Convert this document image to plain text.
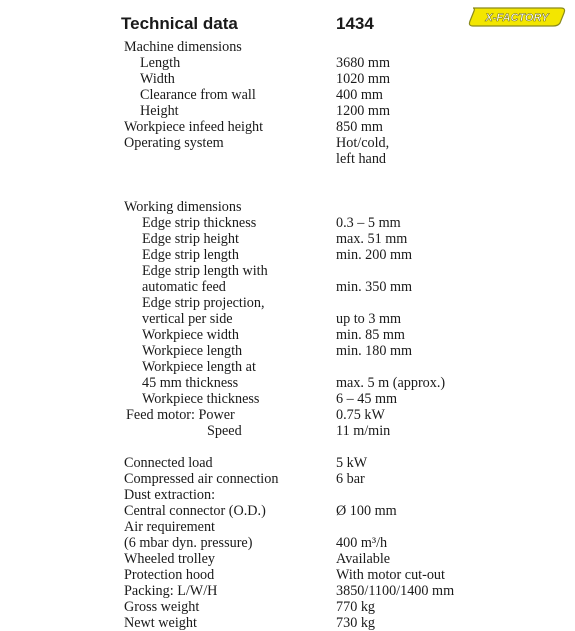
Technical data	1434	X-FACTORY
Machine dimensions
Length	3680 mm
Width	1020 mm
Clearance from wall	400 mm
Height	1200 mm
Workpiece infeed height	850 mm
Operating system	Hot/cold,
left hand
Working dimensions
Edge strip thickness	0.3 – 5 mm
Edge strip height	max. 51 mm
Edge strip length	min. 200 mm
Edge strip length with
automatic feed	min. 350 mm
Edge strip projection,
vertical per side	up to 3 mm
Workpiece width	min. 85 mm
Workpiece length	min. 180 mm
Workpiece length at
45 mm thickness	max. 5 m (approx.)
Workpiece thickness	6 – 45 mm
Feed motor: Power	0.75 kW
Speed	11 m/min
Connected load	5 kW
Compressed air connection	6 bar
Dust extraction:
Central connector (O.D.)	Ø 100 mm
Air requirement
(6 mbar dyn. pressure)	400 m³/h
Wheeled trolley	Available
Protection hood	With motor cut-out
Packing: L/W/H	3850/1100/1400 mm
Gross weight	770 kg
Newt weight	730 kg
